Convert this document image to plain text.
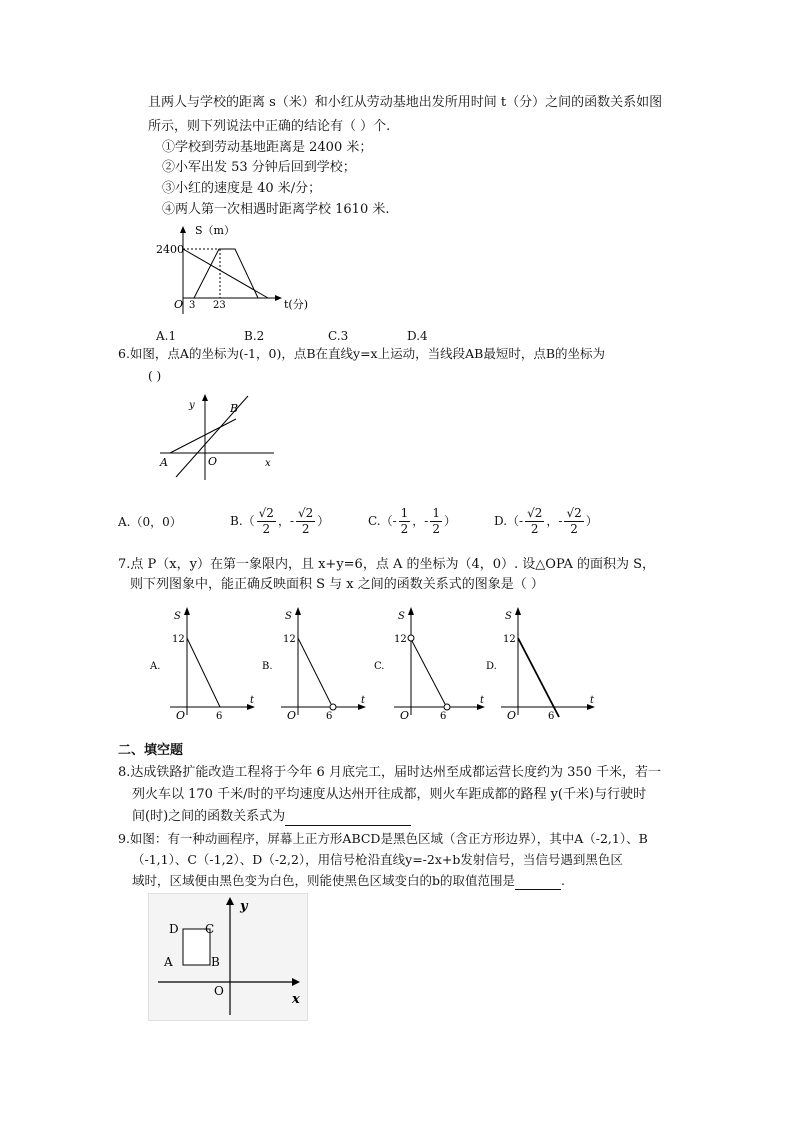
且两人与学校的距离 s（米）和小红从劳动基地出发所用时间 t（分）之间的函数关系如图
所示，则下列说法中正确的结论有（ ）个.
①学校到劳动基地距离是 2400 米；
②小军出发 53 分钟后回到学校；
③小红的速度是 40 米/分；
④两人第一次相遇时距离学校 1610 米.
S（m）
2400
O 3 23	t(分)
A.1	B.2	C.3	D.4
6.如图，点A的坐标为(-1，0)，点B在直线y=x上运动，当线段AB最短时，点B的坐标为
( )
y	B
A	O	x
A.（0，0）	$B.( \frac{√2}{2}$ ，- $\frac{√2}{2}$ ）	$C.(- \frac{1}{2}$ ，- $\frac{1}{2}$ ）	$D.(- \frac{√2}{2}$ ，- $\frac{√2}{2}$ ）
7.点 P（x，y）在第一象限内，且 x+y=6，点 A 的坐标为（4，0）. 设△OPA 的面积为 S，
则下列图象中，能正确反映面积 S 与 x 之间的函数关系式的图象是（ ）
A.
S
t
O
12
6
B.
S
t
O
12
6
C.
S
t
O
12
6
D.
S
t
O
12
6
二、填空题
8.达成铁路扩能改造工程将于今年 6 月底完工，届时达州至成都运营长度约为 350 千米，若一
列火车以 170 千米/时的平均速度从达州开往成都，则火车距成都的路程 y(千米)与行驶时
间(时)之间的函数关系式为
9.如图：有一种动画程序，屏幕上正方形ABCD是黑色区域（含正方形边界），其中A（-2,1）、B
（-1,1）、C（-1,2）、D（-2,2），用信号枪沿直线y=-2x+b发射信号，当信号遇到黑色区
域时，区域便由黑色变为白色，则能使黑色区域变白的b的取值范围是	.
D C
A	B
O
y
x
